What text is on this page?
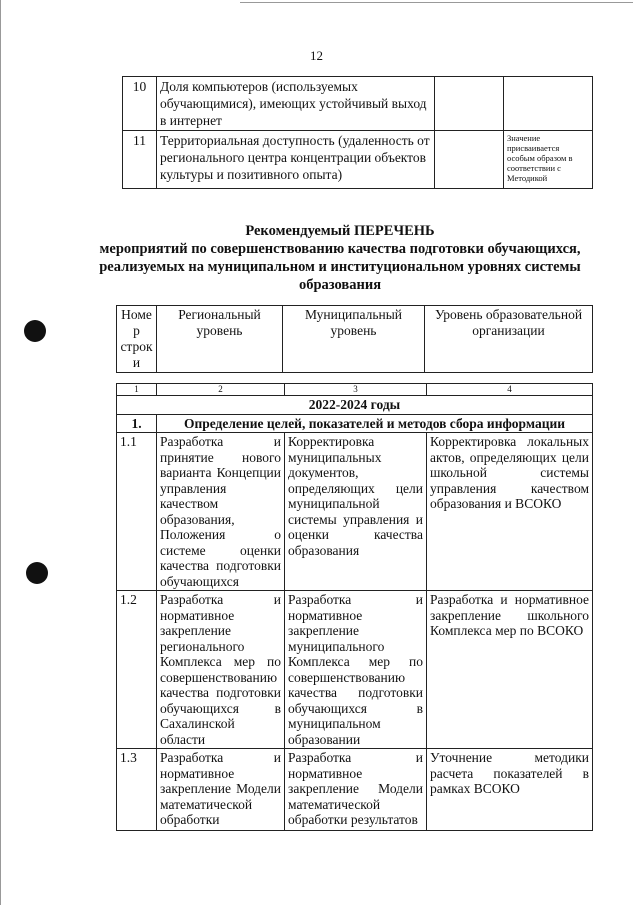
12
10	Доля компьютеров (используемых обучающимися), имеющих устойчивый выход в интернет		
11	Территориальная доступность (удаленность от регионального центра концентрации объектов культуры и позитивного опыта)		Значение присваивается особым образом в соответствии с Методикой
Рекомендуемый ПЕРЕЧЕНЬ
мероприятий по совершенствованию качества подготовки обучающихся, реализуемых на муниципальном и институциональном уровнях системы образования
Номе р строк и	Региональный уровень	Муниципальный уровень	Уровень образовательной организации
1	2	3	4
2022-2024 годы			
1.	Определение целей, показателей и методов сбора информации		
1.1	Разработка и принятие нового варианта Концепции управления качеством образования, Положения о системе оценки качества подготовки обучающихся	Корректировка муниципальных документов, определяющих цели муниципальной системы управления и оценки качества образования	Корректировка локальных актов, определяющих цели школьной системы управления качеством образования и ВСОКО
1.2	Разработка и нормативное закрепление регионального Комплекса мер по совершенствованию качества подготовки обучающихся в Сахалинской области	Разработка и нормативное закрепление муниципального Комплекса мер по совершенствованию качества подготовки обучающихся в муниципальном образовании	Разработка и нормативное закрепление школьного Комплекса мер по ВСОКО
1.3	Разработка и нормативное закрепление Модели математической обработки	Разработка и нормативное закрепление Модели математической обработки результатов	Уточнение методики расчета показателей в рамках ВСОКО
